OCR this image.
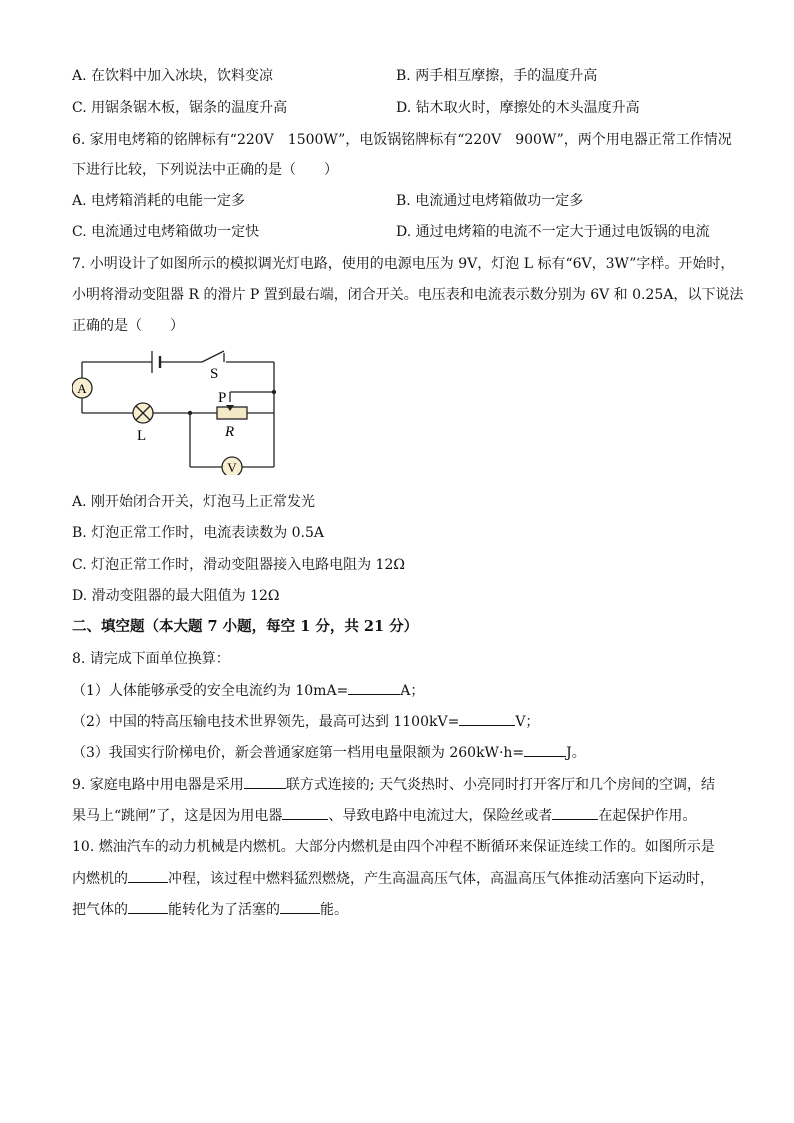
A. 在饮料中加入冰块，饮料变凉	B. 两手相互摩擦，手的温度升高
C. 用锯条锯木板，锯条的温度升高	D. 钻木取火时，摩擦处的木头温度升高
6. 家用电烤箱的铭牌标有“220V　1500W”，电饭锅铭牌标有“220V　900W”，两个用电器正常工作情况
下进行比较，下列说法中正确的是（　　）
A. 电烤箱消耗的电能一定多	B. 电流通过电烤箱做功一定多
C. 电流通过电烤箱做功一定快	D. 通过电烤箱的电流不一定大于通过电饭锅的电流
7. 小明设计了如图所示的模拟调光灯电路，使用的电源电压为 9V，灯泡 L 标有“6V，3W”字样。开始时，
小明将滑动变阻器 R 的滑片 P 置到最右端，闭合开关。电压表和电流表示数分别为 6V 和 0.25A，以下说法
正确的是（　　）
A
V
S
P
R
L
A. 刚开始闭合开关，灯泡马上正常发光
B. 灯泡正常工作时，电流表读数为 0.5A
C. 灯泡正常工作时，滑动变阻器接入电路电阻为 12Ω
D. 滑动变阻器的最大阻值为 12Ω
二、填空题（本大题 7 小题，每空 1 分，共 21 分）
8. 请完成下面单位换算：
（1）人体能够承受的安全电流约为 10mA=	A；
（2）中国的特高压输电技术世界领先，最高可达到 1100kV=	V；
（3）我国实行阶梯电价，新会普通家庭第一档用电量限额为 260kW·h=	J。
9. 家庭电路中用电器是采用	联方式连接的; 天气炎热时、小亮同时打开客厅和几个房间的空调，结
果马上“跳闸”了，这是因为用电器	、导致电路中电流过大，保险丝或者	在起保护作用。
10. 燃油汽车的动力机械是内燃机。大部分内燃机是由四个冲程不断循环来保证连续工作的。如图所示是
内燃机的	冲程，该过程中燃料猛烈燃烧，产生高温高压气体，高温高压气体推动活塞向下运动时，
把气体的	能转化为了活塞的	能。
